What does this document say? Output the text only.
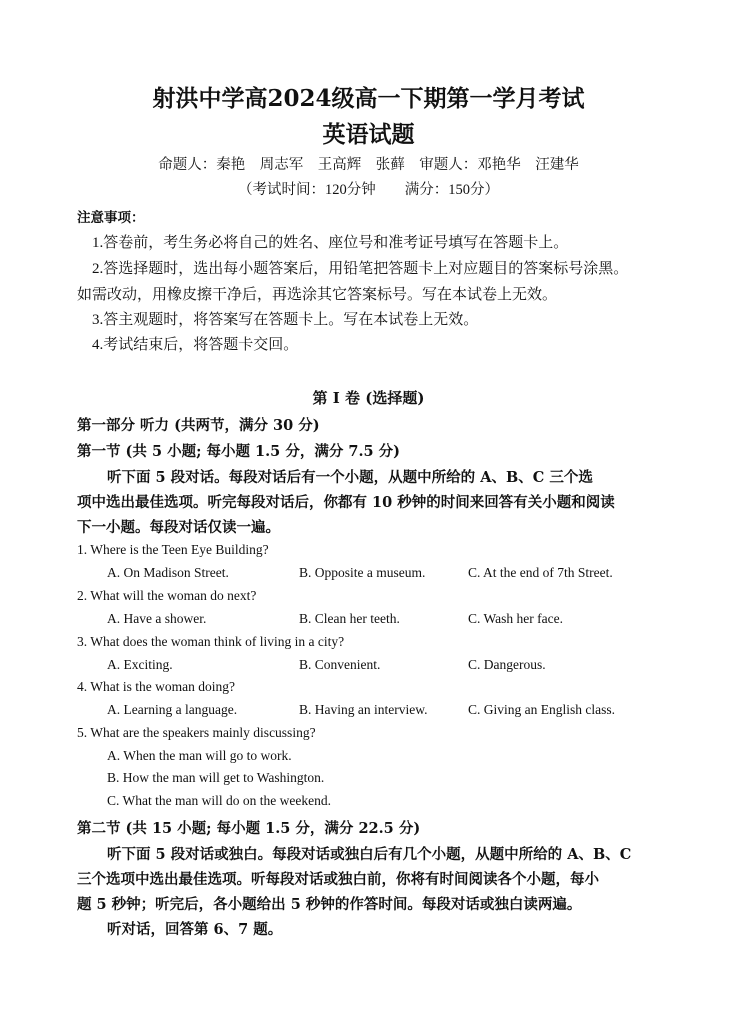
射洪中学高2024级高一下期第一学月考试
英语试题
命题人：秦艳　周志军　王高辉　张藓　审题人：邓艳华　汪建华
（考试时间：120分钟　　满分：150分）
注意事项：
1.答卷前，考生务必将自己的姓名、座位号和准考证号填写在答题卡上。
2.答选择题时，选出每小题答案后，用铅笔把答题卡上对应题目的答案标号涂黑。
如需改动，用橡皮擦干净后，再选涂其它答案标号。写在本试卷上无效。
3.答主观题时，将答案写在答题卡上。写在本试卷上无效。
4.考试结束后，将答题卡交回。
第 I 卷 (选择题)
第一部分 听力 (共两节，满分 30 分)
第一节 (共 5 小题; 每小题 1.5 分，满分 7.5 分)
听下面 5 段对话。每段对话后有一个小题，从题中所给的 A、B、C 三个选
项中选出最佳选项。听完每段对话后，你都有 10 秒钟的时间来回答有关小题和阅读
下一小题。每段对话仅读一遍。
1. Where is the Teen Eye Building?
A. On Madison Street.	B. Opposite a museum.	C. At the end of 7th Street.
2. What will the woman do next?
A. Have a shower.	B. Clean her teeth.	C. Wash her face.
3. What does the woman think of living in a city?
A. Exciting.	B. Convenient.	C. Dangerous.
4. What is the woman doing?
A. Learning a language.	B. Having an interview.	C. Giving an English class.
5. What are the speakers mainly discussing?
A. When the man will go to work.
B. How the man will get to Washington.
C. What the man will do on the weekend.
第二节 (共 15 小题; 每小题 1.5 分，满分 22.5 分)
听下面 5 段对话或独白。每段对话或独白后有几个小题，从题中所给的 A、B、C
三个选项中选出最佳选项。听每段对话或独白前，你将有时间阅读各个小题，每小
题 5 秒钟；听完后，各小题给出 5 秒钟的作答时间。每段对话或独白读两遍。
听对话，回答第 6、7 题。
